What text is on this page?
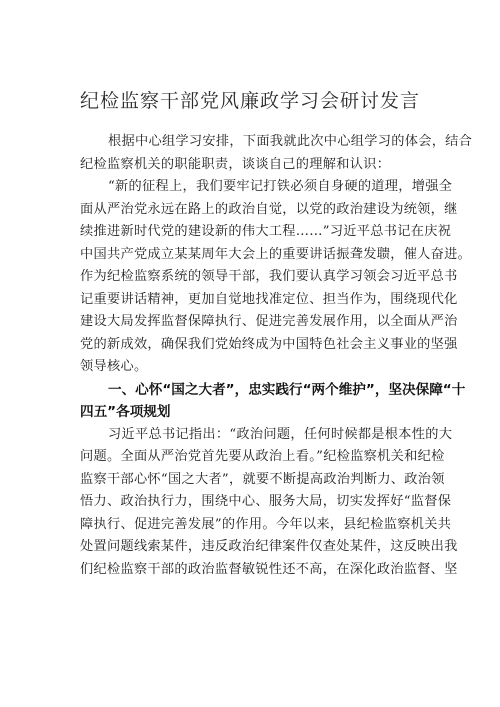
纪检监察干部党风廉政学习会研讨发言
根据中心组学习安排，下面我就此次中心组学习的体会，结合
纪检监察机关的职能职责，谈谈自己的理解和认识：
“新的征程上，我们要牢记打铁必须自身硬的道理，增强全
面从严治党永远在路上的政治自觉，以党的政治建设为统领，继
续推进新时代党的建设新的伟大工程……”习近平总书记在庆祝
中国共产党成立某某周年大会上的重要讲话振聋发聩，催人奋进。
作为纪检监察系统的领导干部，我们要认真学习领会习近平总书
记重要讲话精神，更加自觉地找准定位、担当作为，围绕现代化
建设大局发挥监督保障执行、促进完善发展作用，以全面从严治
党的新成效，确保我们党始终成为中国特色社会主义事业的坚强
领导核心。
一、心怀“国之大者”，忠实践行“两个维护”，坚决保障“十
四五”各项规划
习近平总书记指出：“政治问题，任何时候都是根本性的大
问题。全面从严治党首先要从政治上看。”纪检监察机关和纪检
监察干部心怀“国之大者”，就要不断提高政治判断力、政治领
悟力、政治执行力，围绕中心、服务大局，切实发挥好“监督保
障执行、促进完善发展”的作用。今年以来，县纪检监察机关共
处置问题线索某件，违反政治纪律案件仅查处某件，这反映出我
们纪检监察干部的政治监督敏锐性还不高，在深化政治监督、坚
